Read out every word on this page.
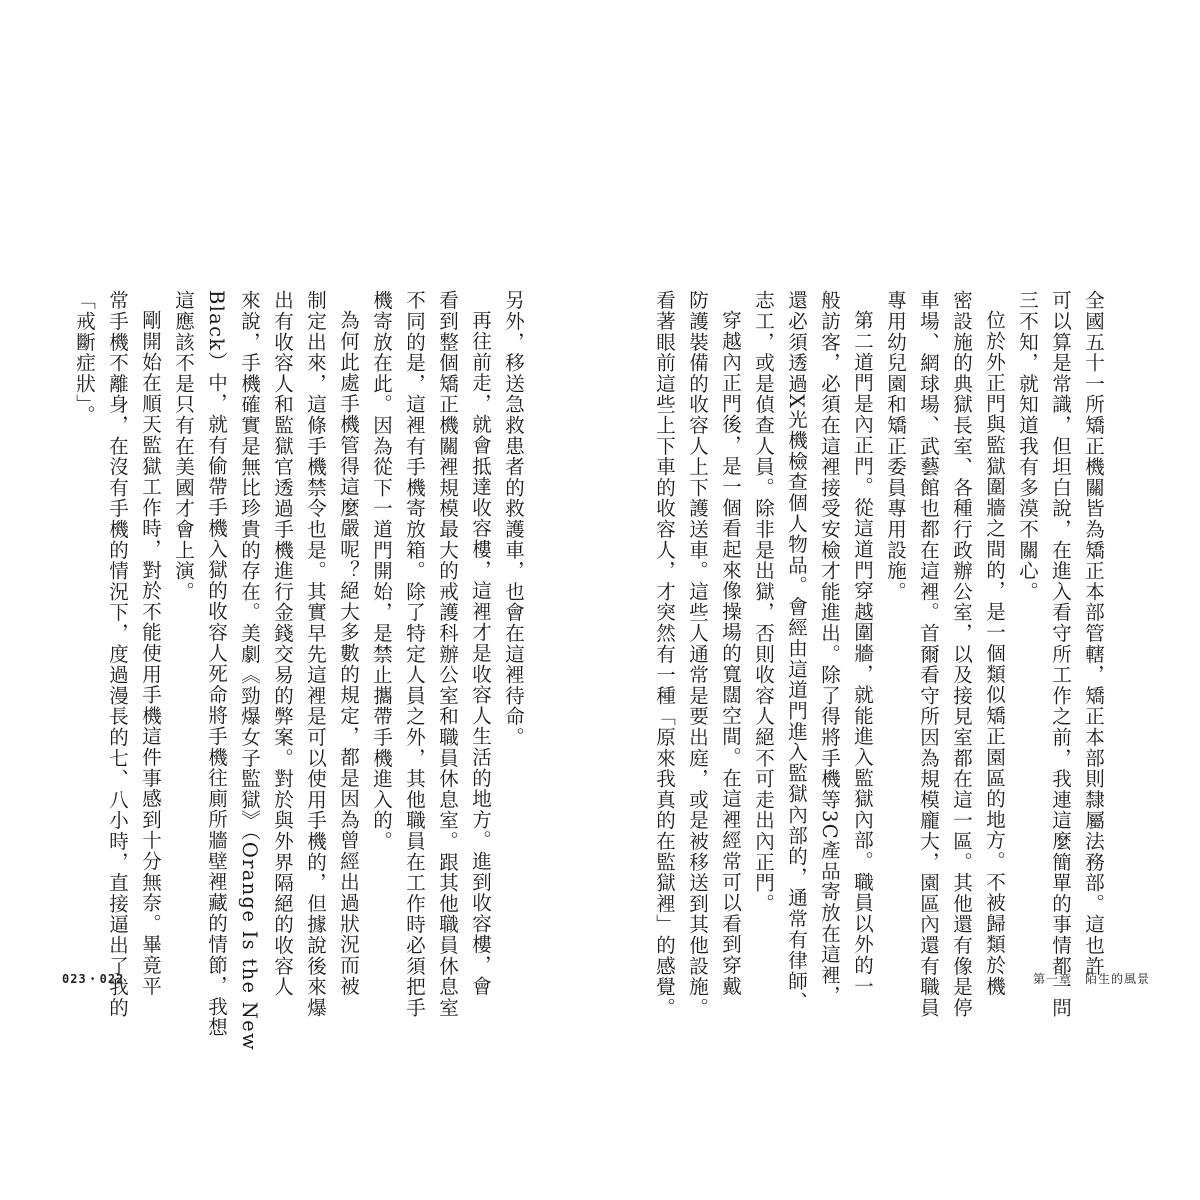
另外，移送急救患者的救護車，也會在這裡待命。
再往前走，就會抵達收容樓，這裡才是收容人生活的地方。進到收容樓，會
看到整個矯正機關裡規模最大的戒護科辦公室和職員休息室。跟其他職員休息室
不同的是，這裡有手機寄放箱。除了特定人員之外，其他職員在工作時必須把手
機寄放在此。因為從下一道門開始，是禁止攜帶手機進入的。
為何此處手機管得這麼嚴呢？絕大多數的規定，都是因為曾經出過狀況而被
制定出來，這條手機禁令也是。其實早先這裡是可以使用手機的，但據說後來爆
出有收容人和監獄官透過手機進行金錢交易的弊案。對於與外界隔絕的收容人
來說，手機確實是無比珍貴的存在。美劇《勁爆女子監獄》（Orange Is the New
Black）中，就有偷帶手機入獄的收容人死命將手機往廁所牆壁裡藏的情節，我想
這應該不是只有在美國才會上演。
剛開始在順天監獄工作時，對於不能使用手機這件事感到十分無奈。畢竟平
常手機不離身，在沒有手機的情況下，度過漫長的七、八小時，直接逼出了我的
「戒斷症狀」。
023・022
全國五十一所矯正機關皆為矯正本部管轄，矯正本部則隸屬法務部。這也許
可以算是常識，但坦白說，在進入看守所工作之前，我連這麼簡單的事情都一問
三不知，就知道我有多漠不關心。
位於外正門與監獄圍牆之間的，是一個類似矯正園區的地方。不被歸類於機
密設施的典獄長室、各種行政辦公室，以及接見室都在這一區。其他還有像是停
車場、網球場、武藝館也都在這裡。首爾看守所因為規模龐大，園區內還有職員
專用幼兒園和矯正委員專用設施。
第二道門是內正門。從這道門穿越圍牆，就能進入監獄內部。職員以外的一
般訪客，必須在這裡接受安檢才能進出。除了得將手機等3C產品寄放在這裡，
還必須透過X光機檢查個人物品。會經由這道門進入監獄內部的，通常有律師、
志工，或是偵查人員。除非是出獄，否則收容人絕不可走出內正門。
穿越內正門後，是一個看起來像操場的寬闊空間。在這裡經常可以看到穿戴
防護裝備的收容人上下護送車。這些人通常是要出庭，或是被移送到其他設施。
看著眼前這些上下車的收容人，才突然有一種「原來我真的在監獄裡」的感覺。	第一章　陌生的風景
